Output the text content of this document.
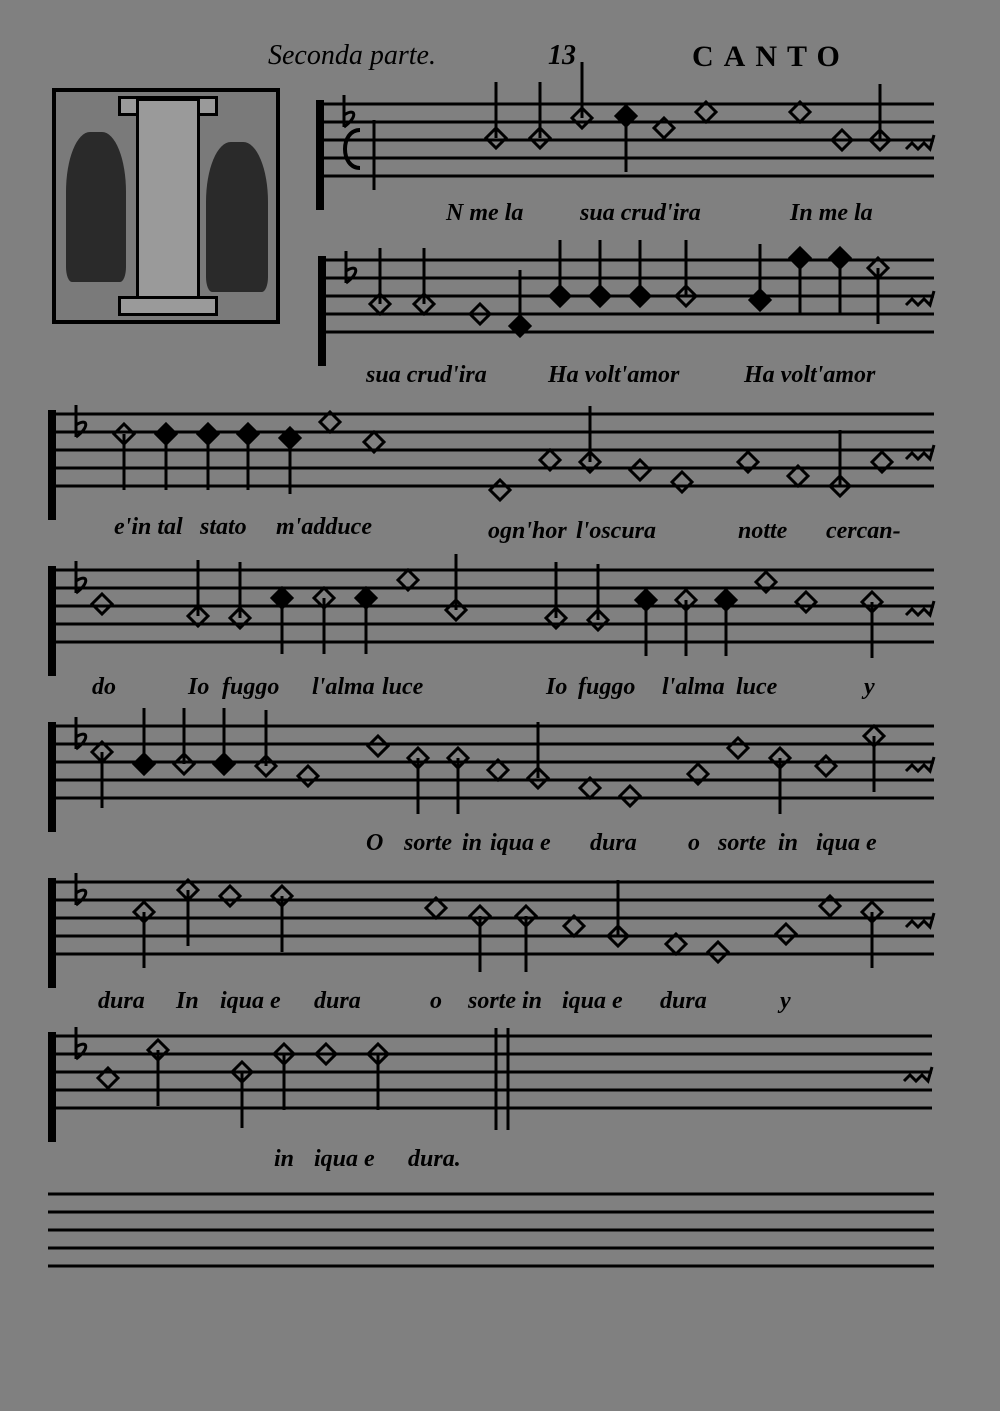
Seconda parte.	13	CANTO
N me la sua crud'ira	In me la
sua crud'ira	Ha volt'amor	Ha volt'amor
e'in tal stato m'adduce	ogn'hor l'oscura	notte cercan-
do	Io fuggo l'alma luce	Io fuggo l'alma luce	y
O sorte in iqua e dura o sorte in iqua e
dura In iqua e dura	o sorte in iqua e dura	y
in iqua e dura.
